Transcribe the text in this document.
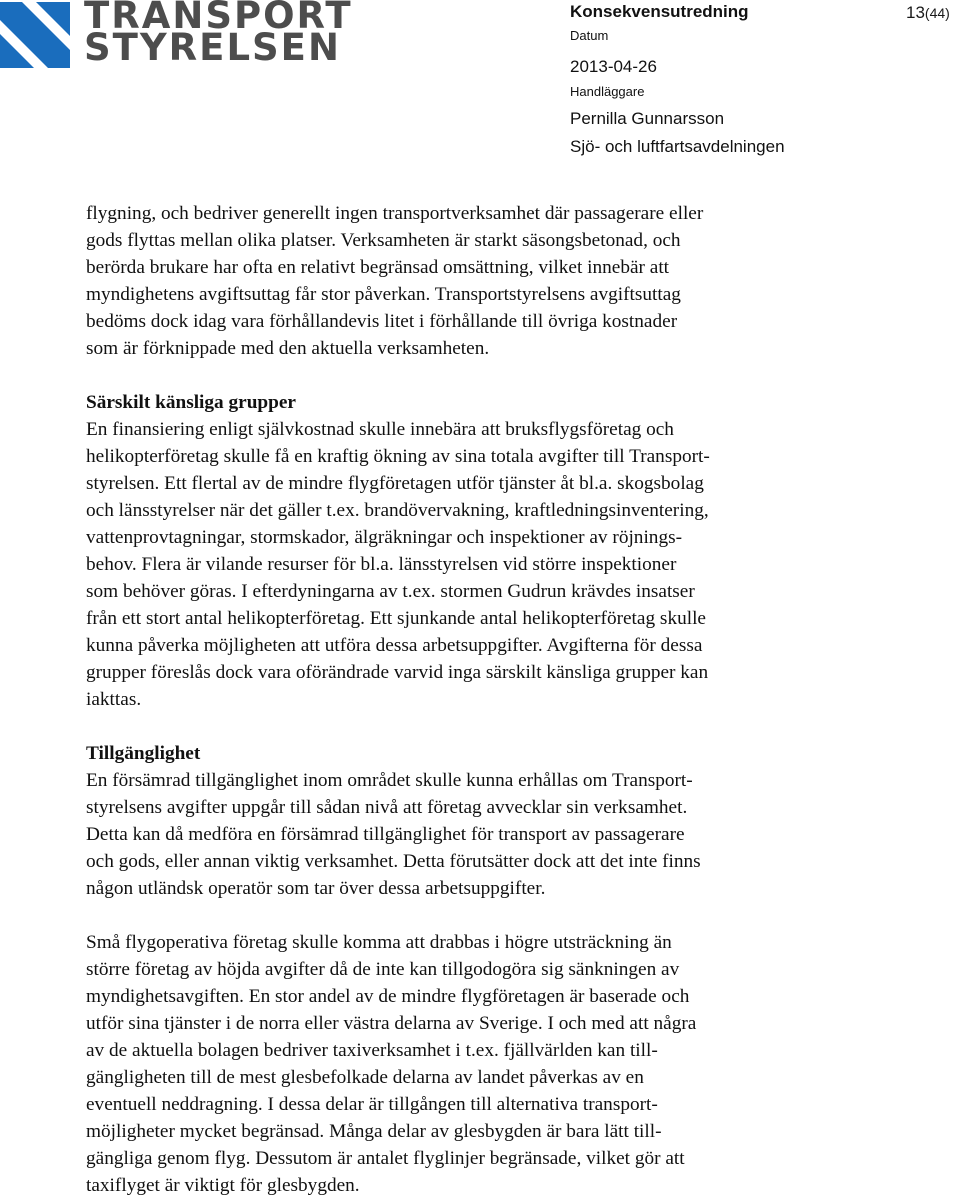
TRANSPORT
STYRELSEN
Konsekvensutredning
Datum
2013-04-26
Handläggare
Pernilla Gunnarsson
Sjö- och luftfartsavdelningen
13(44)

flygning, och bedriver generellt ingen transportverksamhet där passagerare eller
gods flyttas mellan olika platser. Verksamheten är starkt säsongsbetonad, och
berörda brukare har ofta en relativt begränsad omsättning, vilket innebär att
myndighetens avgiftsuttag får stor påverkan. Transportstyrelsens avgiftsuttag
bedöms dock idag vara förhållandevis litet i förhållande till övriga kostnader
som är förknippade med den aktuella verksamheten.

Särskilt känsliga grupper

En finansiering enligt självkostnad skulle innebära att bruksflygsföretag och
helikopterföretag skulle få en kraftig ökning av sina totala avgifter till Transport-
styrelsen. Ett flertal av de mindre flygföretagen utför tjänster åt bl.a. skogsbolag
och länsstyrelser när det gäller t.ex. brandövervakning, kraftledningsinventering,
vattenprovtagningar, stormskador, älgräkningar och inspektioner av röjnings-
behov. Flera är vilande resurser för bl.a. länsstyrelsen vid större inspektioner
som behöver göras. I efterdyningarna av t.ex. stormen Gudrun krävdes insatser
från ett stort antal helikopterföretag. Ett sjunkande antal helikopterföretag skulle
kunna påverka möjligheten att utföra dessa arbetsuppgifter. Avgifterna för dessa
grupper föreslås dock vara oförändrade varvid inga särskilt känsliga grupper kan
iakttas.

Tillgänglighet

En försämrad tillgänglighet inom området skulle kunna erhållas om Transport-
styrelsens avgifter uppgår till sådan nivå att företag avvecklar sin verksamhet.
Detta kan då medföra en försämrad tillgänglighet för transport av passagerare
och gods, eller annan viktig verksamhet. Detta förutsätter dock att det inte finns
någon utländsk operatör som tar över dessa arbetsuppgifter.

Små flygoperativa företag skulle komma att drabbas i högre utsträckning än
större företag av höjda avgifter då de inte kan tillgodogöra sig sänkningen av
myndighetsavgiften. En stor andel av de mindre flygföretagen är baserade och
utför sina tjänster i de norra eller västra delarna av Sverige. I och med att några
av de aktuella bolagen bedriver taxiverksamhet i t.ex. fjällvärlden kan till-
gängligheten till de mest glesbefolkade delarna av landet påverkas av en
eventuell neddragning. I dessa delar är tillgången till alternativa transport-
möjligheter mycket begränsad. Många delar av glesbygden är bara lätt till-
gängliga genom flyg. Dessutom är antalet flyglinjer begränsade, vilket gör att
taxiflyget är viktigt för glesbygden.
